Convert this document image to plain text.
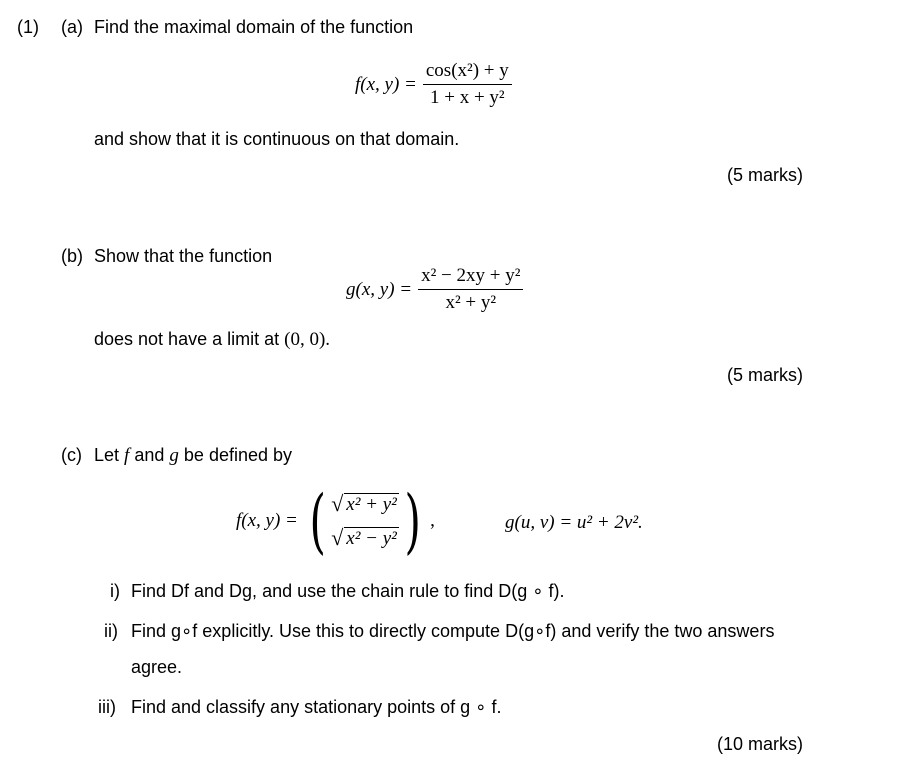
(1) (a) Find the maximal domain of the function
f(x, $y) = \frac{\text{cos(x²) + y}}{\text{1 + x + y²}}$
and show that it is continuous on that domain.
(5 marks)
(b) Show that the function
g(x, $y) = \frac{\text{x² − 2xy + y²}}{\text{x² + y²}}$
does not have a limit at (0, 0).
(5 marks)
(c) Let f and g be defined by
f(x, y) = ( √ x² + y²
√ x² − y² ) ,	g(u, v) = u² + 2v².
i) Find Df and Dg, and use the chain rule to find D(g ∘ f).
ii) Find g∘f explicitly. Use this to directly compute D(g∘f) and verify the two answers
agree.
iii) Find and classify any stationary points of g ∘ f.
(10 marks)
